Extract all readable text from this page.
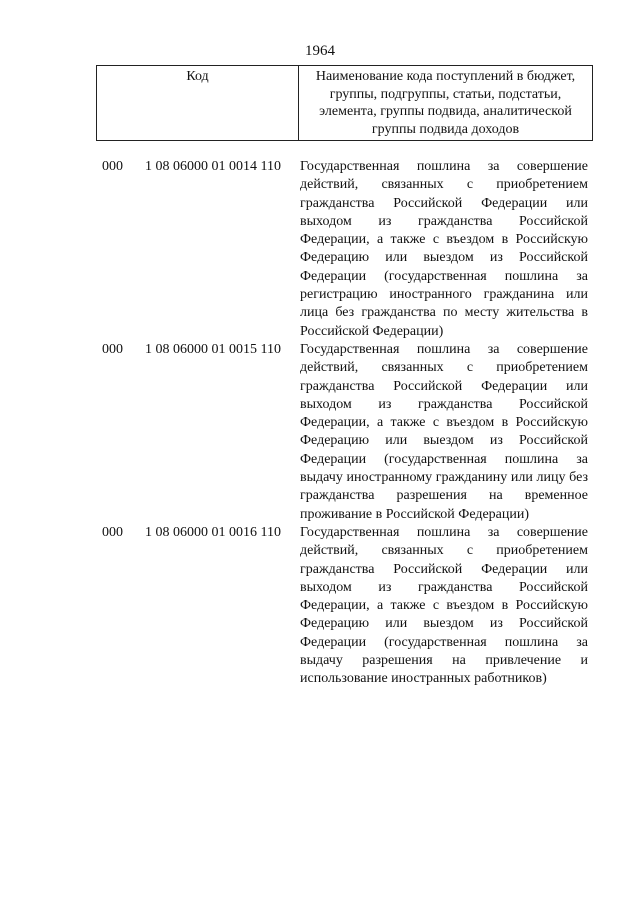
1964
Код	Наименование кода поступлений в бюджет, группы, подгруппы, статьи, подстатьи, элемента, группы подвида, аналитической группы подвида доходов
000 1 08 06000 01 0014 110 Государственная пошлина за совершение действий, связанных с приобретением гражданства Российской Федерации или выходом из гражданства Российской Федерации, а также с въездом в Российскую Федерацию или выездом из Российской Федерации (государственная пошлина за регистрацию иностранного гражданина или лица без гражданства по месту жительства в Российской Федерации)
000 1 08 06000 01 0015 110 Государственная пошлина за совершение действий, связанных с приобретением гражданства Российской Федерации или выходом из гражданства Российской Федерации, а также с въездом в Российскую Федерацию или выездом из Российской Федерации (государственная пошлина за выдачу иностранному гражданину или лицу без гражданства разрешения на временное проживание в Российской Федерации)
000 1 08 06000 01 0016 110 Государственная пошлина за совершение действий, связанных с приобретением гражданства Российской Федерации или выходом из гражданства Российской Федерации, а также с въездом в Российскую Федерацию или выездом из Российской Федерации (государственная пошлина за выдачу разрешения на привлечение и использование иностранных работников)
